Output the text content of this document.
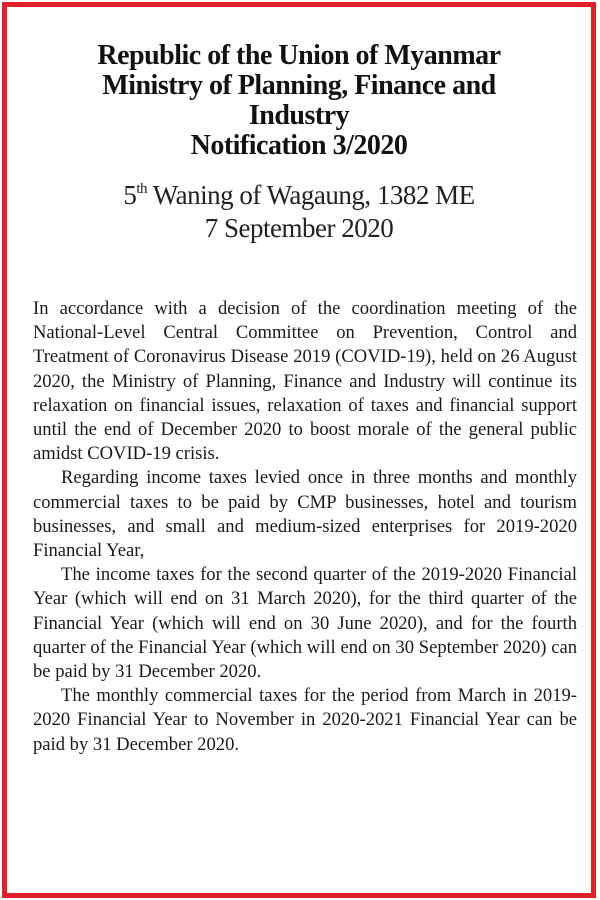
Republic of the Union of Myanmar
Ministry of Planning, Finance and
Industry
Notification 3/2020
5th Waning of Wagaung, 1382 ME
7 September 2020

In accordance with a decision of the coordination meeting of the National-Level Central Committee on Prevention, Control and Treatment of Coronavirus Disease 2019 (COVID-19), held on 26 August 2020, the Ministry of Planning, Finance and Industry will continue its relaxation on financial issues, relaxation of taxes and financial support until the end of December 2020 to boost morale of the general public amidst COVID-19 crisis.

Regarding income taxes levied once in three months and monthly commercial taxes to be paid by CMP businesses, hotel and tourism businesses, and small and medium-sized enterprises for 2019-2020 Financial Year,

The income taxes for the second quarter of the 2019-2020 Financial Year (which will end on 31 March 2020), for the third quarter of the Financial Year (which will end on 30 June 2020), and for the fourth quarter of the Financial Year (which will end on 30 September 2020) can be paid by 31 December 2020.

The monthly commercial taxes for the period from March in 2019-2020 Financial Year to November in 2020-2021 Financial Year can be paid by 31 December 2020.
